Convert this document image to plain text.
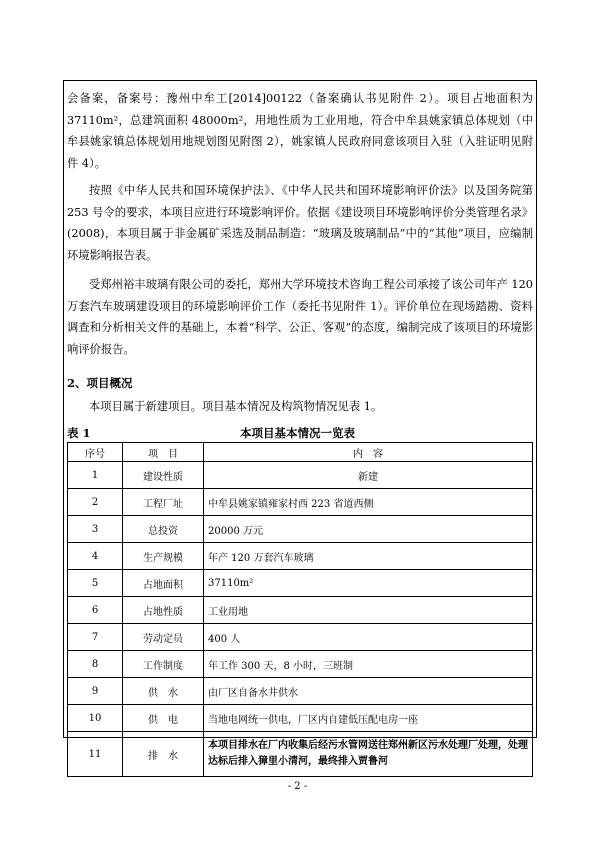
会备案，备案号：豫州中牟工[2014]00122（备案确认书见附件 2）。项目占地面积为37110m²，总建筑面积 48000m²，用地性质为工业用地，符合中牟县姚家镇总体规划（中牟县姚家镇总体规划用地规划图见附图 2），姚家镇人民政府同意该项目入驻（入驻证明见附件 4）。

按照《中华人民共和国环境保护法》、《中华人民共和国环境影响评价法》以及国务院第 253 号令的要求，本项目应进行环境影响评价。依据《建设项目环境影响评价分类管理名录》(2008)，本项目属于非金属矿采选及制品制造：“玻璃及玻璃制品”中的“其他”项目，应编制环境影响报告表。

受郑州裕丰玻璃有限公司的委托，郑州大学环境技术咨询工程公司承接了该公司年产 120 万套汽车玻璃建设项目的环境影响评价工作（委托书见附件 1）。评价单位在现场踏勘、资料调查和分析相关文件的基础上，本着“科学、公正、客观”的态度，编制完成了该项目的环境影响评价报告。

2、项目概况
本项目属于新建项目。项目基本情况及构筑物情况见表 1。
表 1	本项目基本情况一览表
序号	项　目	内　容
1	建设性质	新建
2	工程厂址	中牟县姚家镇雍家村西 223 省道西侧
3	总投资	20000 万元
4	生产规模	年产 120 万套汽车玻璃
5	占地面积	37110m²
6	占地性质	工业用地
7	劳动定员	400 人
8	工作制度	年工作 300 天，8 小时，三班制
9	供　水	由厂区自备水井供水
10	供　电	当地电网统一供电，厂区内自建低压配电房一座
11	排　水	本项目排水在厂内收集后经污水管网送往郑州新区污水处理厂处理，处理达标后排入獐里小清河，最终排入贾鲁河
- 2 -
